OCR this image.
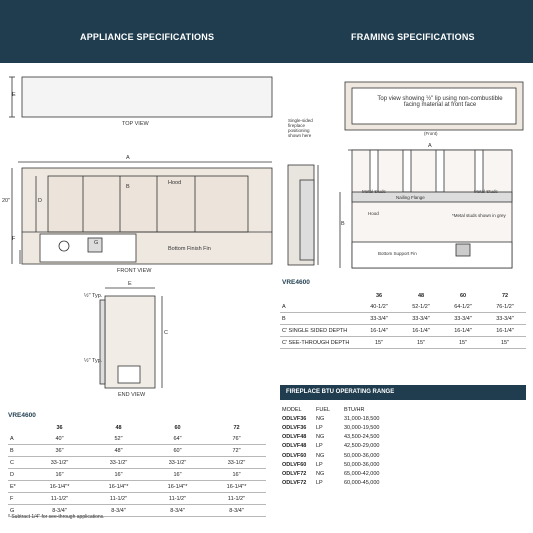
APPLIANCE SPECIFICATIONS	FRAMING SPECIFICATIONS
E
TOP VIEW
A
B
D
20"
Hood
Bottom Finish Fin
G
F
FRONT VIEW
E
C
½" Typ.
½" Typ.
END VIEW
Single-sided fireplace positioning shown here
Top view showing ½" lip using non-combustible facing material at front face
(Front)
A
B
Nailing Flange
Metal Studs	Metal Studs
Hood	*Metal studs shown in grey
Bottom Support Fin
VRE4600
	36	48	60	72
A	40-1/2"	52-1/2"	64-1/2"	76-1/2"
B	33-3/4"	33-3/4"	33-3/4"	33-3/4"
C' SINGLE SIDED DEPTH	16-1/4"	16-1/4"	16-1/4"	16-1/4"
C' SEE-THROUGH DEPTH	15"	15"	15"	15"
FIREPLACE BTU OPERATING RANGE
MODEL	FUEL	BTU/HR
ODLVF36	NG	31,000-18,500
ODLVF36	LP	30,000-19,500
ODLVF48	NG	43,500-24,500
ODLVF48	LP	42,500-29,000
ODLVF60	NG	50,000-36,000
ODLVF60	LP	50,000-36,000
ODLVF72	NG	65,000-42,000
ODLVF72	LP	60,000-45,000
VRE4600
	36	48	60	72
A	40"	52"	64"	76"
B	36"	48"	60"	72"
C	33-1/2"	33-1/2"	33-1/2"	33-1/2"
D	16"	16"	16"	16"
E*	16-1/4"*	16-1/4"*	16-1/4"*	16-1/4"*
F	11-1/2"	11-1/2"	11-1/2"	11-1/2"
G	8-3/4"	8-3/4"	8-3/4"	8-3/4"
* Subtract 1/4" for see-through applications.
